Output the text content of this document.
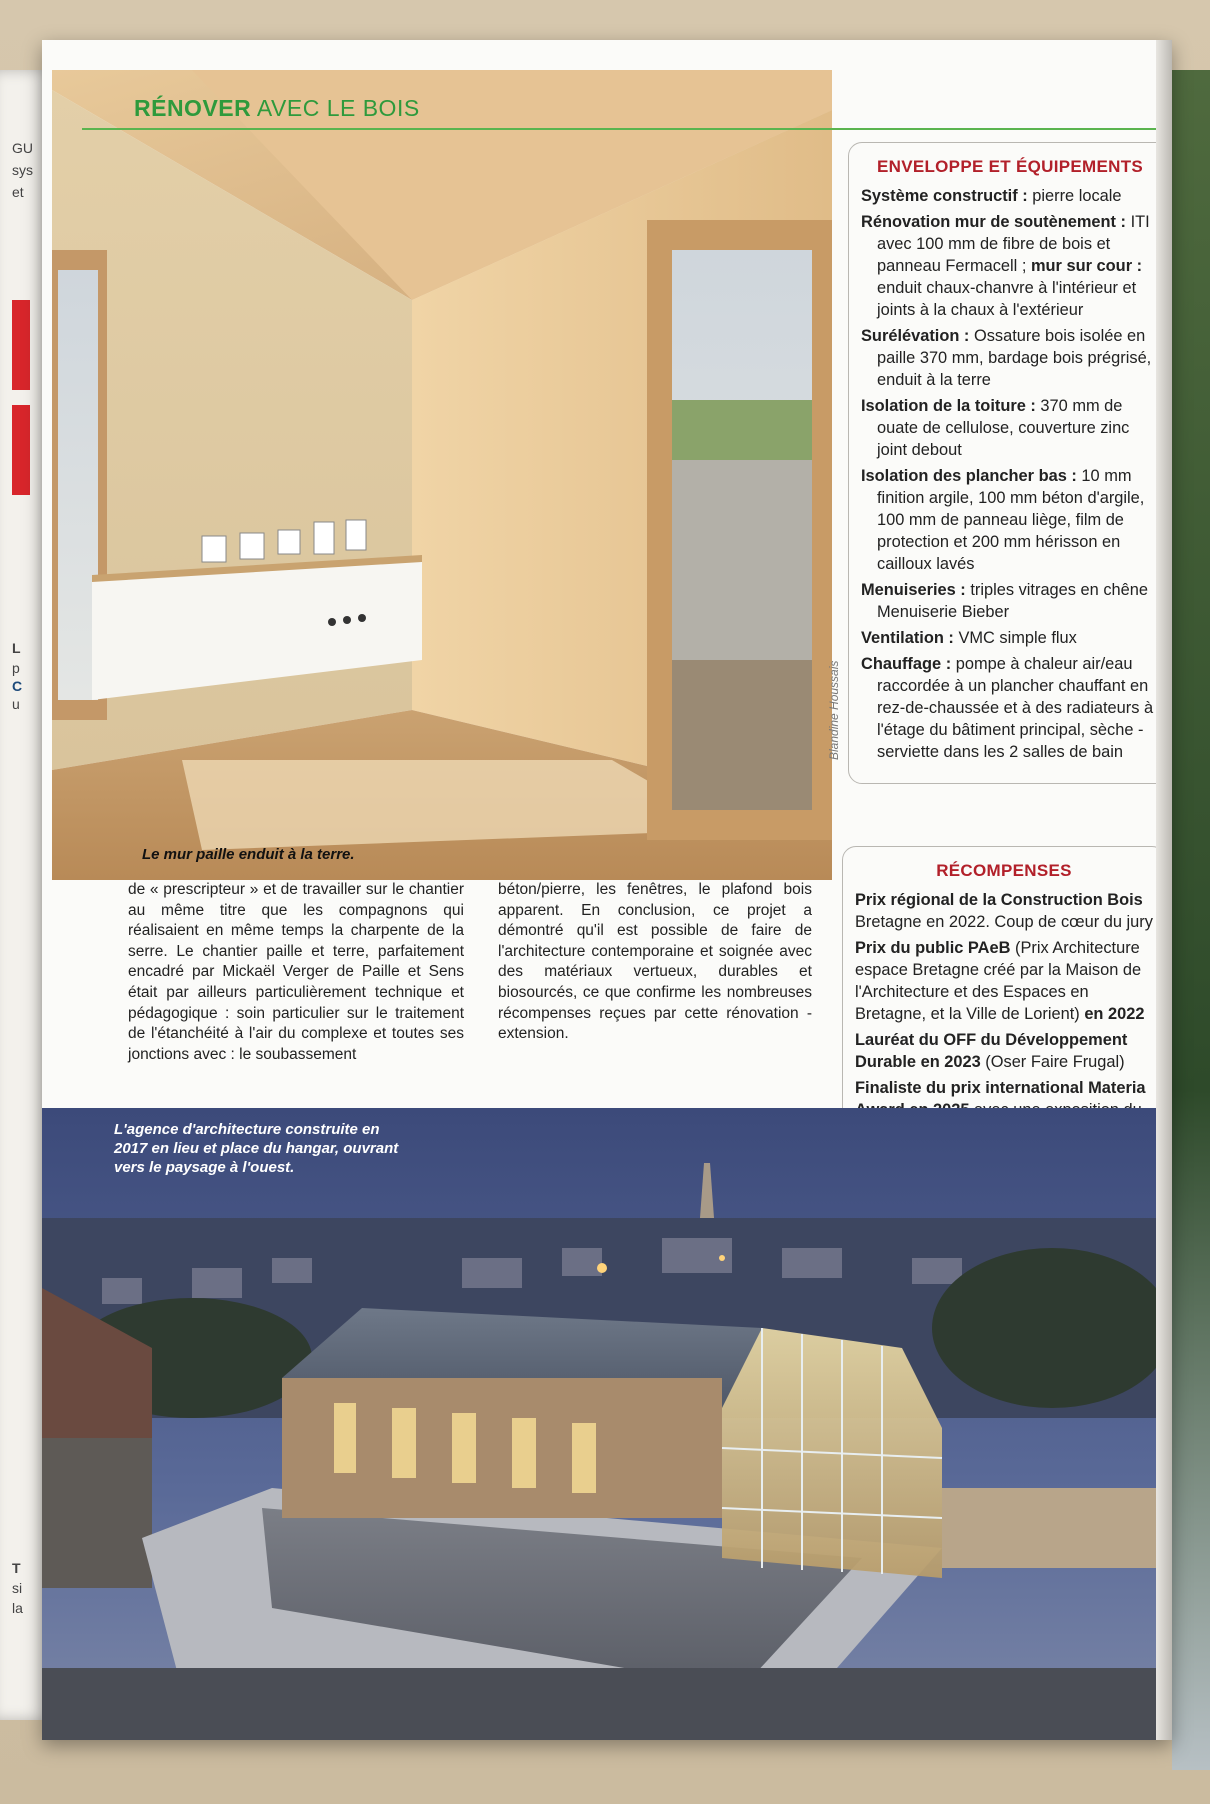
GU
sys
et
L
p
C
u
T
si
la
Le mur paille enduit à la terre.
Blandine Houssais
RÉNOVER AVEC LE BOIS
ENVELOPPE ET ÉQUIPEMENTS
Système constructif : pierre locale
Rénovation mur de soutènement : ITI avec 100 mm de fibre de bois et panneau Fermacell ; mur sur cour : enduit chaux-chanvre à l'intérieur et joints à la chaux à l'extérieur
Surélévation : Ossature bois isolée en paille 370 mm, bardage bois prégrisé, enduit à la terre
Isolation de la toiture : 370 mm de ouate de cellulose, couverture zinc joint debout
Isolation des plancher bas : 10 mm finition argile, 100 mm béton d'argile, 100 mm de panneau liège, film de protection et 200 mm hérisson en cailloux lavés
Menuiseries : triples vitrages en chêne Menuiserie Bieber
Ventilation : VMC simple flux
Chauffage : pompe à chaleur air/eau raccordée à un plancher chauffant en rez-de-chaussée et à des radiateurs à l'étage du bâtiment principal, sèche -serviette dans les 2 salles de bain
RÉCOMPENSES
Prix régional de la Construction Bois Bretagne en 2022. Coup de cœur du jury
Prix du public PAeB (Prix Architecture espace Bretagne créé par la Maison de l'Architecture et des Espaces en Bretagne, et la Ville de Lorient) en 2022
Lauréat du OFF du Développement Durable en 2023 (Oser Faire Frugal)
Finaliste du prix international Materia
de « prescripteur » et de travailler sur le chantier au même titre que les compagnons qui réalisaient en même temps la charpente de la serre. Le chantier paille et terre, parfaitement encadré par Mickaël Verger de Paille et Sens était par ailleurs particulièrement technique et pédagogique : soin particulier sur le traitement de l'étanchéité à l'air du complexe et toutes ses jonctions avec : le soubassement
béton/pierre, les fenêtres, le plafond bois apparent. En conclusion, ce projet a démontré qu'il est possible de faire de l'architecture contemporaine et soignée avec des matériaux vertueux, durables et biosourcés, ce que confirme les nombreuses récompenses reçues par cette rénovation - extension.
L'agence d'architecture construite en 2017 en lieu et place du hangar, ouvrant vers le paysage à l'ouest.
